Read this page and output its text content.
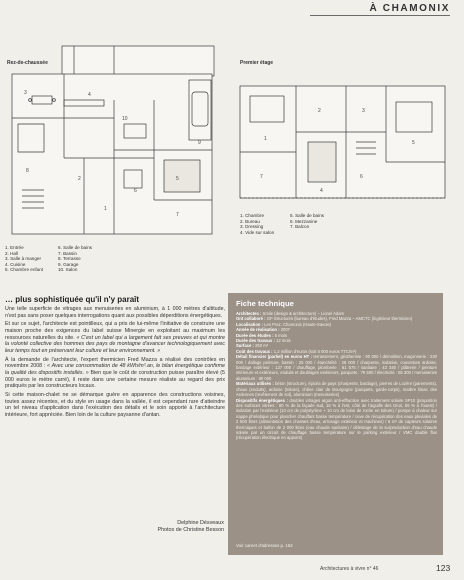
À CHAMONIX
Rez-de-chaussée
3	4
10
2
1
6
5
9
8
7
1. Entrée
2. Hall
3. Salle à manger
4. Cuisine
5. Chambre enfant
6. Salle de bains
7. Bassin
8. Terrasse
9. Garage
10. Salon
Premier étage
1
2	3
4
5
6
7
1. Chambre
2. Bureau
3. Dressing
4. Vide sur salon
5. Salle de bains
6. Mezzanine
7. Balcon
… plus sophistiquée qu'il n'y paraît

Une telle superficie de vitrages aux menuiseries en aluminium, à 1 000 mètres d'altitude, n'est pas sans poser quelques interrogations quant aux possibles déperditions énergétiques.

Et sur ce sujet, l'architecte est pointilleux, qui a pris de lui-même l'initiative de construire une maison proche des exigences du label suisse Minergie en exploitant au maximum les ressources naturelles du site. « C'est un label qui a largement fait ses preuves et qui montre la volonté collective des hommes des pays de montagne d'avancer technologiquement avec leur temps tout en préservant leur culture et leur environnement. »

À la demande de l'architecte, l'expert thermicien Fred Mazza a réalisé des contrôles en novembre 2008 : « Avec une consommation de 48 kWh/m².an, le bilan énergétique confirme la qualité des dispositifs installés. » Bien que le coût de construction puisse paraître élevé (5 000 euros le mètre carré), il reste dans une certaine mesure réaliste au regard des prix pratiqués par les constructeurs locaux.

Si cette maison-chalet ne se démarque guère en apparence des constructions voisines, toutes assez récentes, et du style en usage dans la vallée, il est cependant rare d'atteindre un tel niveau d'application dans l'exécution des détails et le soin apporté à l'architecture intérieure, fort appréciée. Bien loin de la culture paysanne d'antan.

Delphine Désveaux
Photos de Christine Besson
Fiche technique
Architectes : Smile (design & architecture) – Lionel Adam
Ont collaboré : GP Structures (bureau d'études), Fred Mazza – AMCTC (ingénieur thermicien)
Localisation : Les Praz, Chamonix (Haute-Savoie)
Année de réalisation : 2007
Durée des études : 6 mois
Durée des travaux : 12 mois
Surface : 250 m²
Coût des travaux : 1,2 million d'euros (soit 5 000 euros TTC/m²)
Détail financier (partiel) en euros HT : terrassement, géothermie : 90 000 / démolition, maçonnerie : 230 000 / dallage peinture, bassin : 25 000 / étanchéité : 28 000 / charpente, isolation, couverture ardoise, bardage extérieur : 137 000 / chauffage, plomberie : 61 575 / sanitaire : 43 340 / plâtrerie / peinture intérieure et extérieure, enduits et doublages extérieurs, parquets : 78 500 / électricité : 55 300 / menuiseries aluminium : 80 000
Matériaux utilisés : béton (structure), épicéa de pays (charpente, bardage), pierres de Lozère (parements), chaux (enduits), ardoise (toiture), chêne clair de Bourgogne (parquets, garde-corps), marbre blanc des Ardennes (revêtement de sol), aluminium (menuiseries)
Dispositifs énergétiques : doubles vitrages argon anti-effraction avec traitement solaire SP10 (proportion des surfaces vitrées : 80 % de la façade sud, 15 % à l'est, côté de l'aiguille des Drus, 55 % à l'ouest) / isolation par l'extérieur (10 cm de polystyrène + 10 cm de laine de roche en toiture) / pompe à chaleur sur nappe phréatique pour plancher chauffant basse température / cuve de récupération des eaux pluviales de 2 500 litres (alimentation des chasses d'eau, arrosage extérieur et machines) / 6 m² de capteurs solaires thermiques et ballon de 2 000 litres (eau chaude sanitaire) / délestage de la surproduction d'eau chaude solaire par un circuit de chauffage basse température sur le parking extérieur / VMC double flux (récupération électrique en appoint)
Voir carnet d'adresses p. 162
Architectures à vivre n° 46	123
